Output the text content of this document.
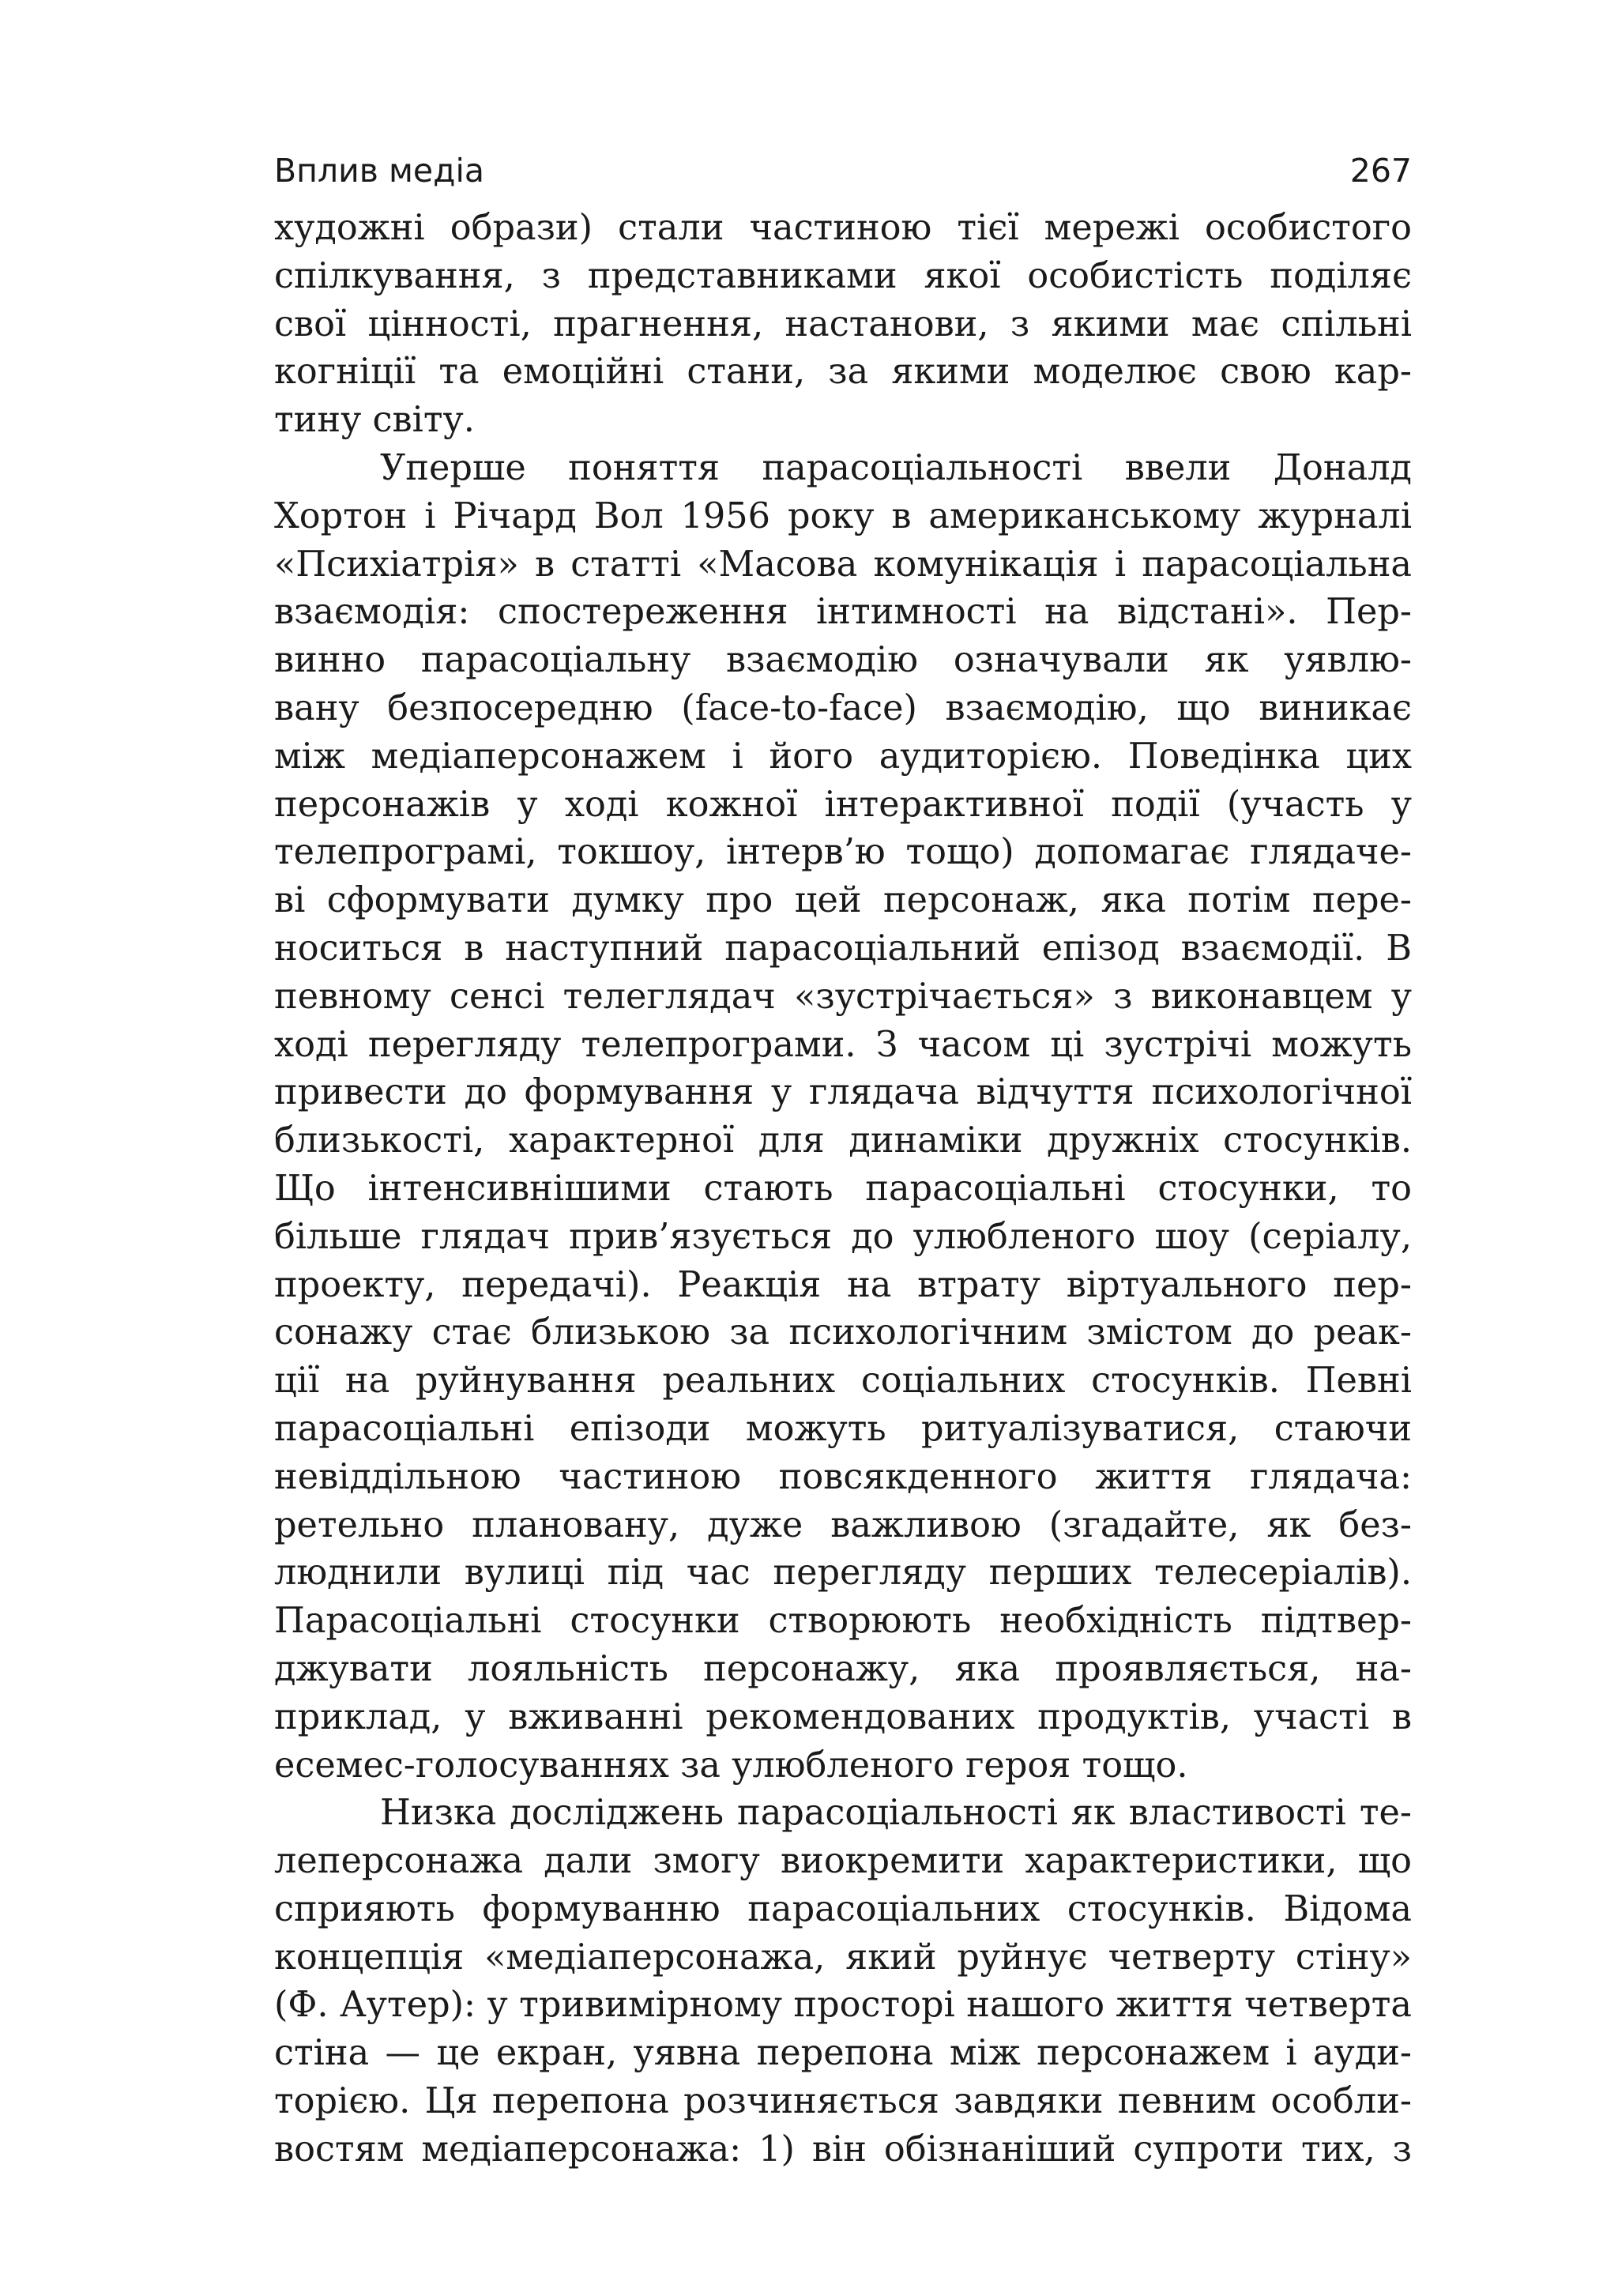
Вплив медіа	267
художні образи) стали частиною тієї мережі особистого
спілкування, з представниками якої особистість поділяє
свої цінності, прагнення, настанови, з якими має спільні
когніції та емоційні стани, за якими моделює свою кар-
тину світу.
Уперше поняття парасоціальності ввели Доналд
Хортон і Річард Вол 1956 року в американському журналі
«Психіатрія» в статті «Масова комунікація і парасоціальна
взаємодія: спостереження інтимності на відстані». Пер-
винно парасоціальну взаємодію означували як уявлю-
вану безпосередню (face-to-face) взаємодію, що виникає
між медіаперсонажем і його аудиторією. Поведінка цих
персонажів у ході кожної інтерактивної події (участь у
телепрограмі, токшоу, інтерв’ю тощо) допомагає глядаче-
ві сформувати думку про цей персонаж, яка потім пере-
носиться в наступний парасоціальний епізод взаємодії. В
певному сенсі телеглядач «зустрічається» з виконавцем у
ході перегляду телепрограми. З часом ці зустрічі можуть
привести до формування у глядача відчуття психологічної
близькості, характерної для динаміки дружніх стосунків.
Що інтенсивнішими стають парасоціальні стосунки, то
більше глядач прив’язується до улюбленого шоу (серіалу,
проекту, передачі). Реакція на втрату віртуального пер-
сонажу стає близькою за психологічним змістом до реак-
ції на руйнування реальних соціальних стосунків. Певні
парасоціальні епізоди можуть ритуалізуватися, стаючи
невіддільною частиною повсякденного життя глядача:
ретельно плановану, дуже важливою (згадайте, як без-
люднили вулиці під час перегляду перших телесеріалів).
Парасоціальні стосунки створюють необхідність підтвер-
джувати лояльність персонажу, яка проявляється, на-
приклад, у вживанні рекомендованих продуктів, участі в
есемес-голосуваннях за улюбленого героя тощо.
Низка досліджень парасоціальності як властивості те-
леперсонажа дали змогу виокремити характеристики, що
сприяють формуванню парасоціальних стосунків. Відома
концепція «медіаперсонажа, який руйнує четверту стіну»
(Ф. Аутер): у тривимірному просторі нашого життя четверта
стіна — це екран, уявна перепона між персонажем і ауди-
торією. Ця перепона розчиняється завдяки певним особли-
востям медіаперсонажа: 1) він обізнаніший супроти тих, з
